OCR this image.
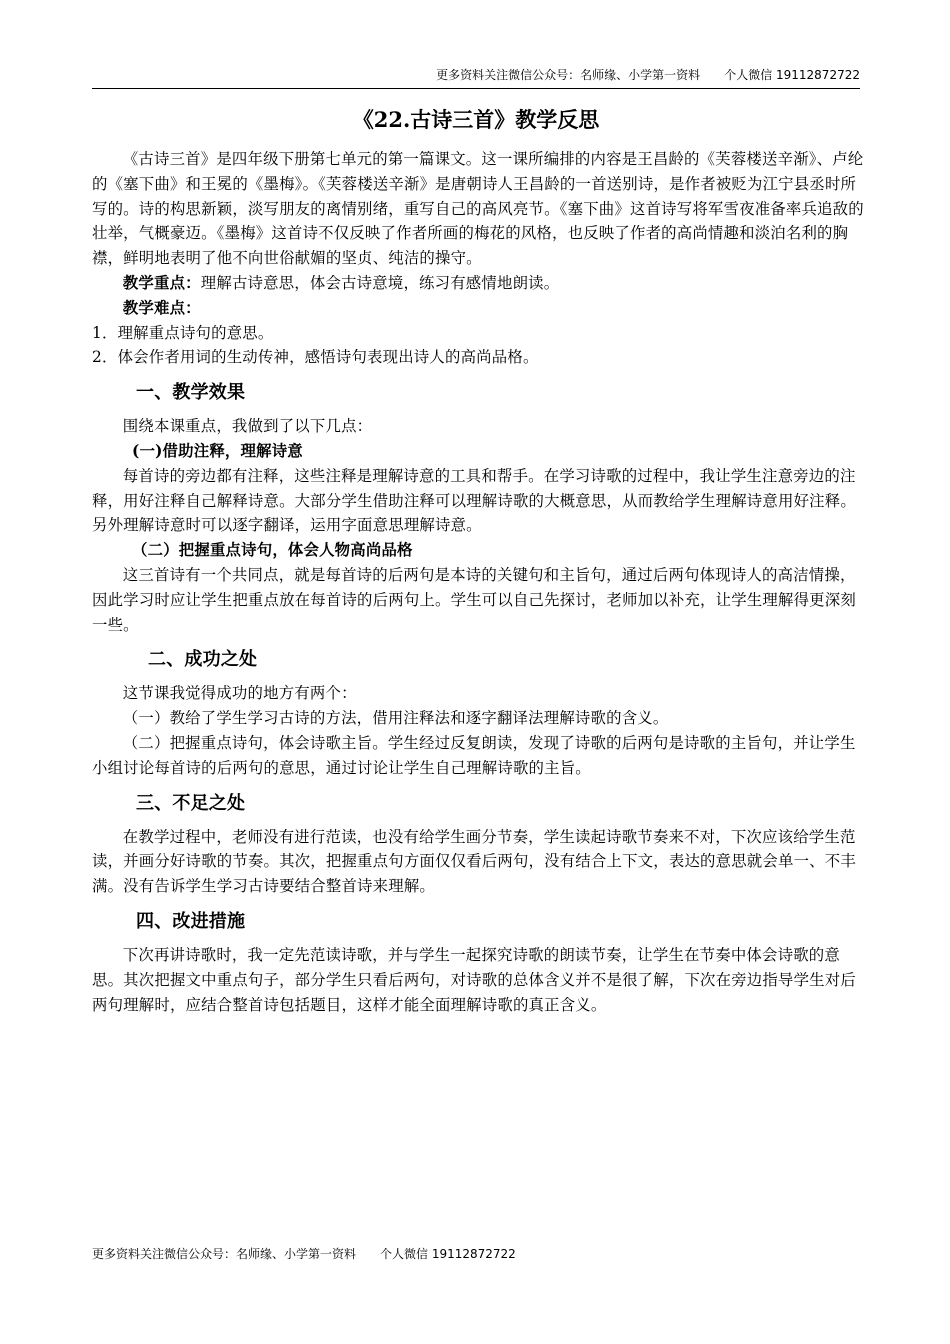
更多资料关注微信公众号：名师缘、小学第一资料 个人微信 19112872722
《22.古诗三首》教学反思

《古诗三首》是四年级下册第七单元的第一篇课文。这一课所编排的内容是王昌龄的《芙蓉楼送辛渐》、卢纶的《塞下曲》和王冕的《墨梅》。《芙蓉楼送辛渐》是唐朝诗人王昌龄的一首送别诗，是作者被贬为江宁县丞时所写的。诗的构思新颖，淡写朋友的离情别绪，重写自己的高风亮节。《塞下曲》这首诗写将军雪夜准备率兵追敌的壮举，气概豪迈。《墨梅》这首诗不仅反映了作者所画的梅花的风格，也反映了作者的高尚情趣和淡泊名利的胸襟，鲜明地表明了他不向世俗献媚的坚贞、纯洁的操守。

教学重点：理解古诗意思，体会古诗意境，练习有感情地朗读。

教学难点：

1．理解重点诗句的意思。

2．体会作者用词的生动传神，感悟诗句表现出诗人的高尚品格。

一、教学效果

围绕本课重点，我做到了以下几点：

(一)借助注释，理解诗意

每首诗的旁边都有注释，这些注释是理解诗意的工具和帮手。在学习诗歌的过程中，我让学生注意旁边的注释，用好注释自己解释诗意。大部分学生借助注释可以理解诗歌的大概意思，从而教给学生理解诗意用好注释。另外理解诗意时可以逐字翻译，运用字面意思理解诗意。

（二）把握重点诗句，体会人物高尚品格

这三首诗有一个共同点，就是每首诗的后两句是本诗的关键句和主旨句，通过后两句体现诗人的高洁情操，因此学习时应让学生把重点放在每首诗的后两句上。学生可以自己先探讨，老师加以补充，让学生理解得更深刻一些。

二、成功之处

这节课我觉得成功的地方有两个：

（一）教给了学生学习古诗的方法，借用注释法和逐字翻译法理解诗歌的含义。

（二）把握重点诗句，体会诗歌主旨。学生经过反复朗读，发现了诗歌的后两句是诗歌的主旨句，并让学生小组讨论每首诗的后两句的意思，通过讨论让学生自己理解诗歌的主旨。

三、不足之处

在教学过程中，老师没有进行范读，也没有给学生画分节奏，学生读起诗歌节奏来不对，下次应该给学生范读，并画分好诗歌的节奏。其次，把握重点句方面仅仅看后两句，没有结合上下文，表达的意思就会单一、不丰满。没有告诉学生学习古诗要结合整首诗来理解。

四、改进措施

下次再讲诗歌时，我一定先范读诗歌，并与学生一起探究诗歌的朗读节奏，让学生在节奏中体会诗歌的意思。其次把握文中重点句子，部分学生只看后两句，对诗歌的总体含义并不是很了解，下次在旁边指导学生对后两句理解时，应结合整首诗包括题目，这样才能全面理解诗歌的真正含义。

更多资料关注微信公众号：名师缘、小学第一资料 个人微信 19112872722
